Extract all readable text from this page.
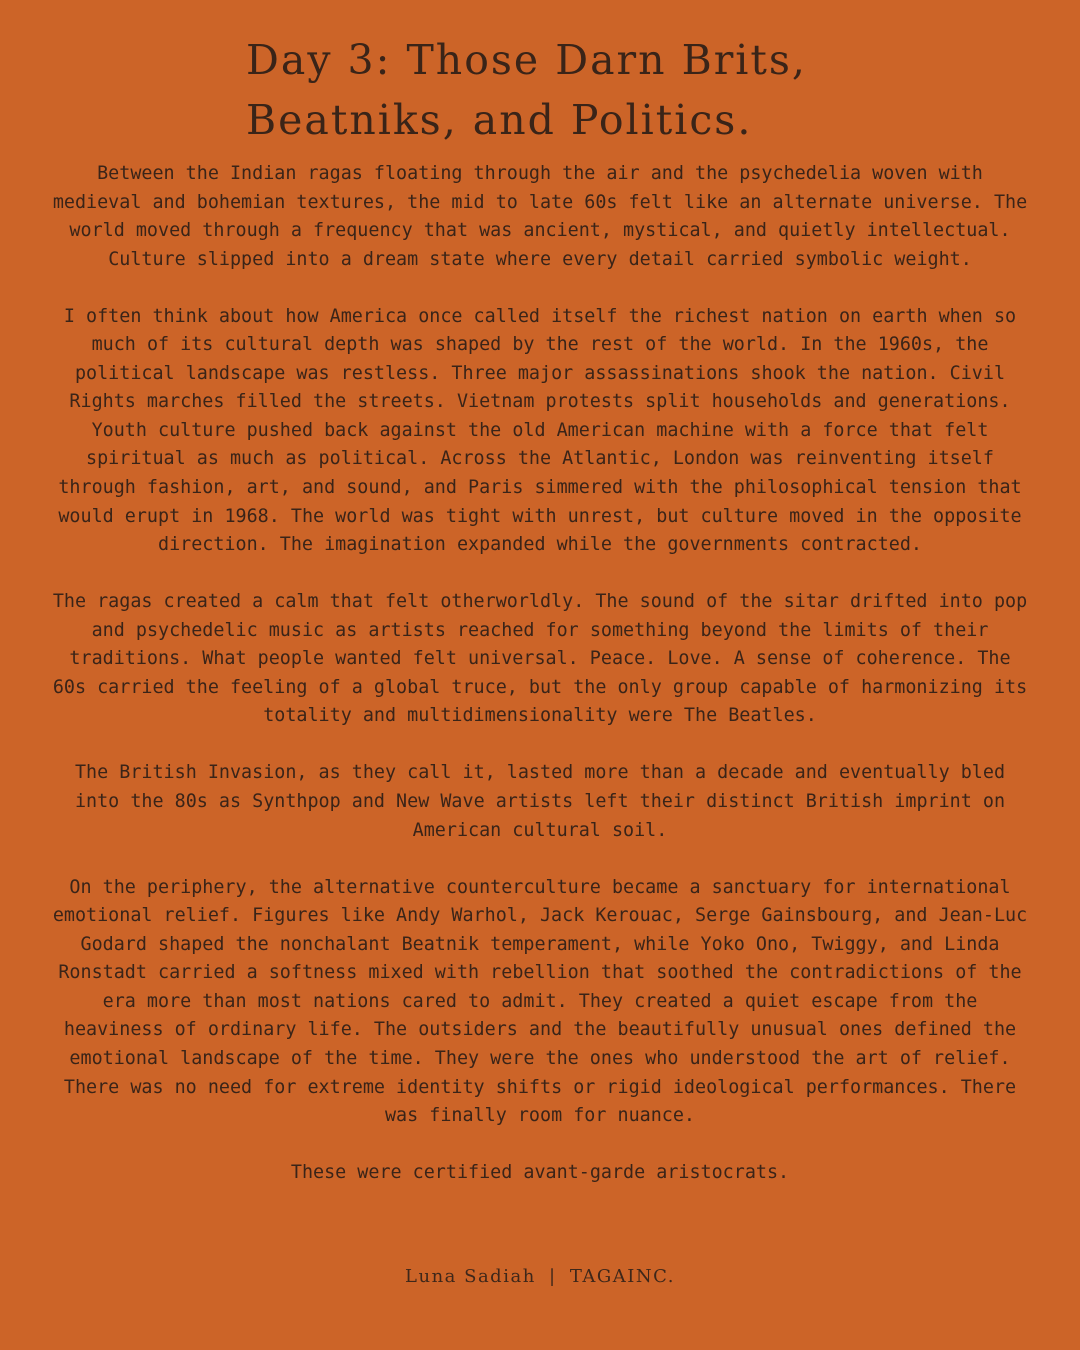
Day 3: Those Darn Brits,
Beatniks, and Politics.

Between the Indian ragas floating through the air and the psychedelia woven with medieval and bohemian textures, the mid to late 60s felt like an alternate universe. The world moved through a frequency that was ancient, mystical, and quietly intellectual. Culture slipped into a dream state where every detail carried symbolic weight.

I often think about how America once called itself the richest nation on earth when so much of its cultural depth was shaped by the rest of the world. In the 1960s, the political landscape was restless. Three major assassinations shook the nation. Civil Rights marches filled the streets. Vietnam protests split households and generations. Youth culture pushed back against the old American machine with a force that felt spiritual as much as political. Across the Atlantic, London was reinventing itself through fashion, art, and sound, and Paris simmered with the philosophical tension that would erupt in 1968. The world was tight with unrest, but culture moved in the opposite direction. The imagination expanded while the governments contracted.

The ragas created a calm that felt otherworldly. The sound of the sitar drifted into pop and psychedelic music as artists reached for something beyond the limits of their traditions. What people wanted felt universal. Peace. Love. A sense of coherence. The 60s carried the feeling of a global truce, but the only group capable of harmonizing its totality and multidimensionality were The Beatles.

The British Invasion, as they call it, lasted more than a decade and eventually bled into the 80s as Synthpop and New Wave artists left their distinct British imprint on American cultural soil.

On the periphery, the alternative counterculture became a sanctuary for international emotional relief. Figures like Andy Warhol, Jack Kerouac, Serge Gainsbourg, and Jean-Luc Godard shaped the nonchalant Beatnik temperament, while Yoko Ono, Twiggy, and Linda Ronstadt carried a softness mixed with rebellion that soothed the contradictions of the era more than most nations cared to admit. They created a quiet escape from the heaviness of ordinary life. The outsiders and the beautifully unusual ones defined the emotional landscape of the time. They were the ones who understood the art of relief. There was no need for extreme identity shifts or rigid ideological performances. There was finally room for nuance.

These were certified avant-garde aristocrats.

Luna Sadiah | TAGAINC.
